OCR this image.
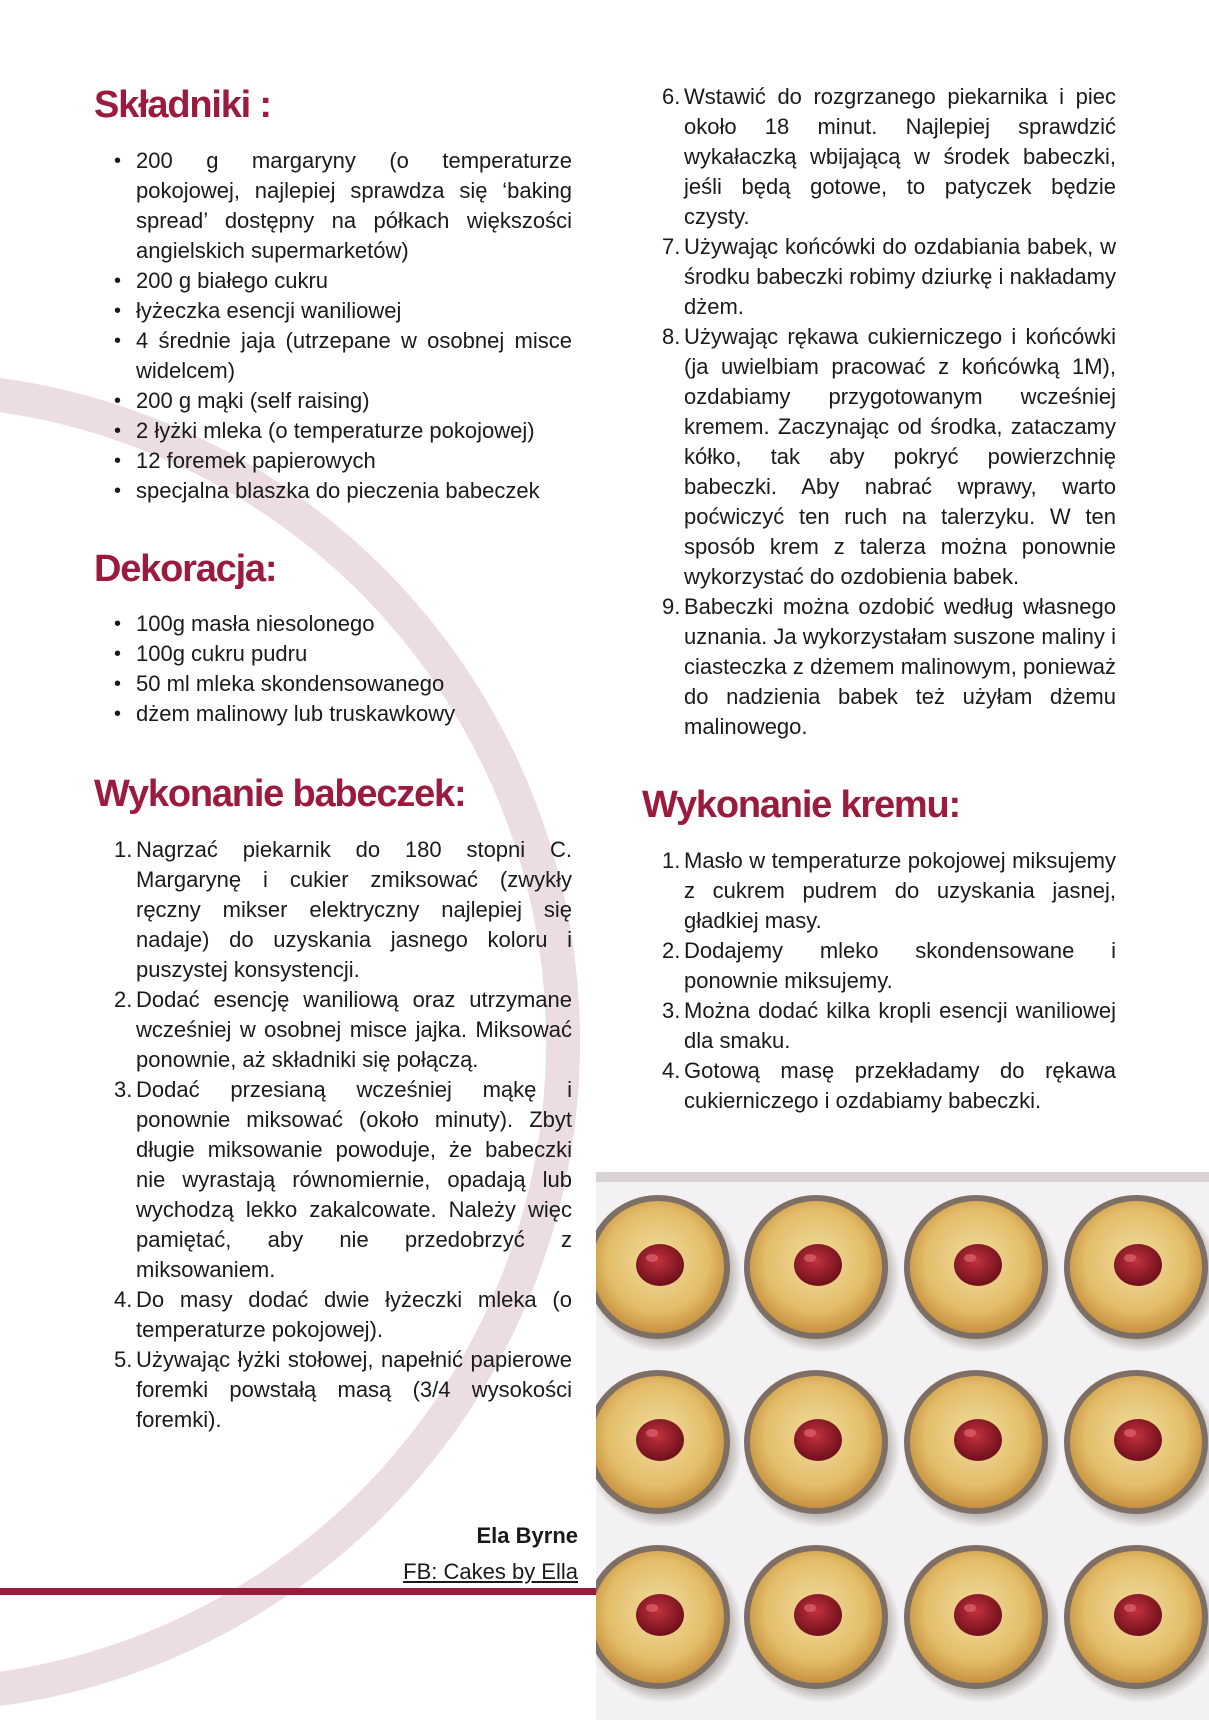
Składniki :
• 200 g margaryny (o temperaturze pokojowej, najlepiej sprawdza się ‘baking spread’ dostępny na półkach większości angielskich supermarketów)
• 200 g białego cukru
• łyżeczka esencji waniliowej
• 4 średnie jaja (utrzepane w osobnej misce widelcem)
• 200 g mąki (self raising)
• 2 łyżki mleka (o temperaturze pokojowej)
• 12 foremek papierowych
• specjalna blaszka do pieczenia babeczek
Dekoracja:
• 100g masła niesolonego
• 100g cukru pudru
• 50 ml mleka skondensowanego
• dżem malinowy lub truskawkowy
Wykonanie babeczek:
1. Nagrzać piekarnik do 180 stopni C. Margarynę i cukier zmiksować (zwykły ręczny mikser elektryczny najlepiej się nadaje) do uzyskania jasnego koloru i puszystej konsystencji.
2. Dodać esencję waniliową oraz utrzymane wcześniej w osobnej misce jajka. Miksować ponownie, aż składniki się połączą.
3. Dodać przesianą wcześniej mąkę i ponownie miksować (około minuty). Zbyt długie miksowanie powoduje, że babeczki nie wyrastają równomiernie, opadają lub wychodzą lekko zakalcowate. Należy więc pamiętać, aby nie przedobrzyć z miksowaniem.
4. Do masy dodać dwie łyżeczki mleka (o temperaturze pokojowej).
5. Używając łyżki stołowej, napełnić papierowe foremki powstałą masą (3/4 wysokości foremki).
6. Wstawić do rozgrzanego piekarnika i piec około 18 minut. Najlepiej sprawdzić wykałaczką wbijającą w środek babeczki, jeśli będą gotowe, to patyczek będzie czysty.
7. Używając końcówki do ozdabiania babek, w środku babeczki robimy dziurkę i nakładamy dżem.
8. Używając rękawa cukierniczego i końcówki (ja uwielbiam pracować z końcówką 1M), ozdabiamy przygotowanym wcześniej kremem. Zaczynając od środka, zataczamy kółko, tak aby pokryć powierzchnię babeczki. Aby nabrać wprawy, warto poćwiczyć ten ruch na talerzyku. W ten sposób krem z talerza można ponownie wykorzystać do ozdobienia babek.
9. Babeczki można ozdobić według własnego uznania. Ja wykorzystałam suszone maliny i ciasteczka z dżemem malinowym, ponieważ do nadzienia babek też użyłam dżemu malinowego.
Wykonanie kremu:
1. Masło w temperaturze pokojowej miksujemy z cukrem pudrem do uzyskania jasnej, gładkiej masy.
2. Dodajemy mleko skondensowane i ponownie miksujemy.
3. Można dodać kilka kropli esencji waniliowej dla smaku.
4. Gotową masę przekładamy do rękawa cukierniczego i ozdabiamy babeczki.
Ela Byrne
FB: Cakes by Ella
